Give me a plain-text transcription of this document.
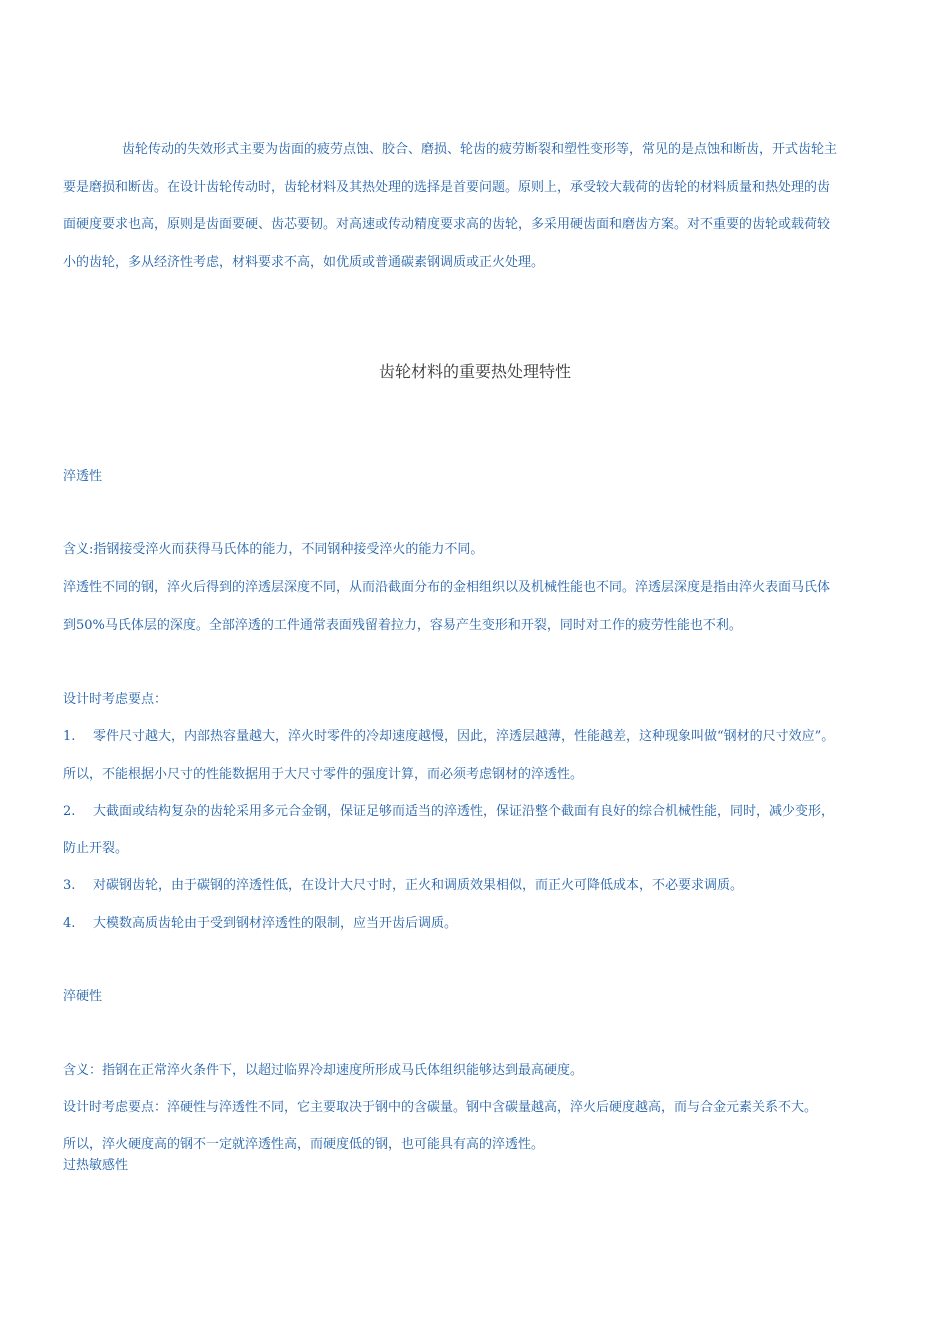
齿轮传动的失效形式主要为齿面的疲劳点蚀、胶合、磨损、轮齿的疲劳断裂和塑性变形等，常见的是点蚀和断齿，开式齿轮主
要是磨损和断齿。在设计齿轮传动时，齿轮材料及其热处理的选择是首要问题。原则上，承受较大载荷的齿轮的材料质量和热处理的齿
面硬度要求也高，原则是齿面要硬、齿芯要韧。对高速或传动精度要求高的齿轮，多采用硬齿面和磨齿方案。对不重要的齿轮或载荷较
小的齿轮，多从经济性考虑，材料要求不高，如优质或普通碳素钢调质或正火处理。
齿轮材料的重要热处理特性
淬透性
含义:指钢接受淬火而获得马氏体的能力，不同钢种接受淬火的能力不同。
淬透性不同的钢，淬火后得到的淬透层深度不同，从而沿截面分布的金相组织以及机械性能也不同。淬透层深度是指由淬火表面马氏体
到50%马氏体层的深度。全部淬透的工件通常表面残留着拉力，容易产生变形和开裂，同时对工作的疲劳性能也不利。
设计时考虑要点：
1. 零件尺寸越大，内部热容量越大，淬火时零件的冷却速度越慢，因此，淬透层越薄，性能越差，这种现象叫做“钢材的尺寸效应”。
所以，不能根据小尺寸的性能数据用于大尺寸零件的强度计算，而必须考虑钢材的淬透性。
2. 大截面或结构复杂的齿轮采用多元合金钢，保证足够而适当的淬透性，保证沿整个截面有良好的综合机械性能，同时，减少变形，
防止开裂。
3. 对碳钢齿轮，由于碳钢的淬透性低，在设计大尺寸时，正火和调质效果相似，而正火可降低成本，不必要求调质。
4. 大模数高质齿轮由于受到钢材淬透性的限制，应当开齿后调质。
淬硬性
含义：指钢在正常淬火条件下，以超过临界冷却速度所形成马氏体组织能够达到最高硬度。
设计时考虑要点：淬硬性与淬透性不同，它主要取决于钢中的含碳量。钢中含碳量越高，淬火后硬度越高，而与合金元素关系不大。
所以，淬火硬度高的钢不一定就淬透性高，而硬度低的钢，也可能具有高的淬透性。
过热敏感性
